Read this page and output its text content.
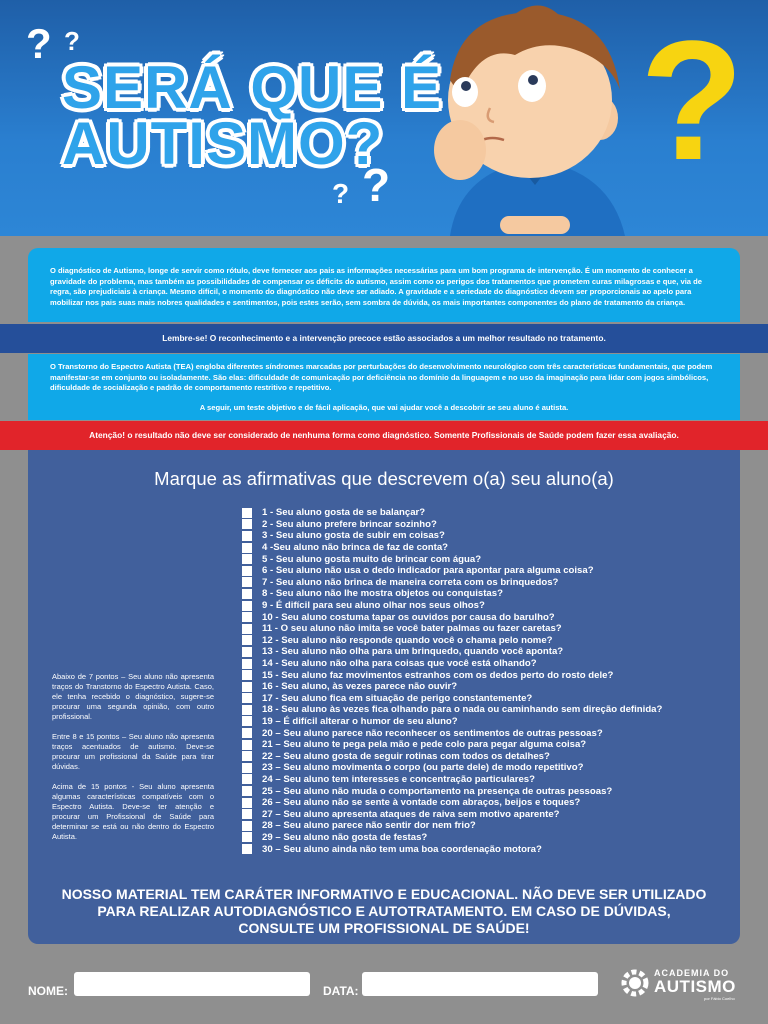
? ?
SERÁ QUE É
AUTISMO?
? ? ?

O diagnóstico de Autismo, longe de servir como rótulo, deve fornecer aos pais as informações necessárias para um bom programa de intervenção. É um momento de conhecer a gravidade do problema, mas também as possibilidades de compensar os déficits do autismo, assim como os perigos dos tratamentos que prometem curas milagrosas e que, via de regra, são prejudiciais à criança. Mesmo difícil, o momento do diagnóstico não deve ser adiado. A gravidade e a seriedade do diagnóstico devem ser proporcionais ao apelo para mobilizar nos pais suas mais nobres qualidades e sentimentos, pois estes serão, sem sombra de dúvida, os mais importantes componentes do plano de tratamento da criança.

Lembre-se! O reconhecimento e a intervenção precoce estão associados a um melhor resultado no tratamento.

O Transtorno do Espectro Autista (TEA) engloba diferentes síndromes marcadas por perturbações do desenvolvimento neurológico com três características fundamentais, que podem manifestar-se em conjunto ou isoladamente. São elas: dificuldade de comunicação por deficiência no domínio da linguagem e no uso da imaginação para lidar com jogos simbólicos, dificuldade de socialização e padrão de comportamento restritivo e repetitivo.

A seguir, um teste objetivo e de fácil aplicação, que vai ajudar você a descobrir se seu aluno é autista.

Atenção! o resultado não deve ser considerado de nenhuma forma como diagnóstico. Somente Profissionais de Saúde podem fazer essa avaliação.

Marque as afirmativas que descrevem o(a) seu aluno(a)

Abaixo de 7 pontos – Seu aluno não apresenta traços do Transtorno do Espectro Autista. Caso, ele tenha recebido o diagnóstico, sugere-se procurar uma segunda opinião, com outro profissional.

Entre 8 e 15 pontos – Seu aluno não apresenta traços acentuados de autismo. Deve-se procurar um profissional da Saúde para tirar dúvidas.

Acima de 15 pontos - Seu aluno apresenta algumas características compatíveis com o Espectro Autista. Deve-se ter atenção e procurar um Profissional de Saúde para determinar se está ou não dentro do Espectro Autista.

1 - Seu aluno gosta de se balançar?
2 - Seu aluno prefere brincar sozinho?
3 - Seu aluno gosta de subir em coisas?
4 -Seu aluno não brinca de faz de conta?
5 - Seu aluno gosta muito de brincar com água?
6 - Seu aluno não usa o dedo indicador para apontar para alguma coisa?
7 - Seu aluno não brinca de maneira correta com os brinquedos?
8 - Seu aluno não lhe mostra objetos ou conquistas?
9 - É difícil para seu aluno olhar nos seus olhos?
10 - Seu aluno costuma tapar os ouvidos por causa do barulho?
11 - O seu aluno não imita se você bater palmas ou fazer caretas?
12 - Seu aluno não responde quando você o chama pelo nome?
13 - Seu aluno não olha para um brinquedo, quando você aponta?
14 - Seu aluno não olha para coisas que você está olhando?
15 - Seu aluno faz movimentos estranhos com os dedos perto do rosto dele?
16 - Seu aluno, às vezes parece não ouvir?
17 - Seu aluno fica em situação de perigo constantemente?
18 - Seu aluno às vezes fica olhando para o nada ou caminhando sem direção definida?
19 – É difícil alterar o humor de seu aluno?
20 – Seu aluno parece não reconhecer os sentimentos de outras pessoas?
21 – Seu aluno te pega pela mão e pede colo para pegar alguma coisa?
22 – Seu aluno gosta de seguir rotinas com todos os detalhes?
23 – Seu aluno movimenta o corpo (ou parte dele) de modo repetitivo?
24 – Seu aluno tem interesses e concentração particulares?
25 – Seu aluno não muda o comportamento na presença de outras pessoas?
26 – Seu aluno não se sente à vontade com abraços, beijos e toques?
27 – Seu aluno apresenta ataques de raiva sem motivo aparente?
28 – Seu aluno parece não sentir dor nem frio?
29 – Seu aluno não gosta de festas?
30 – Seu aluno ainda não tem uma boa coordenação motora?
NOSSO MATERIAL TEM CARÁTER INFORMATIVO E EDUCACIONAL. NÃO DEVE SER UTILIZADO
PARA REALIZAR AUTODIAGNÓSTICO E AUTOTRATAMENTO. EM CASO DE DÚVIDAS,
CONSULTE UM PROFISSIONAL DE SAÚDE!
NOME:	DATA:
ACADEMIA DO
AUTISMO
por Fábio Coelho
